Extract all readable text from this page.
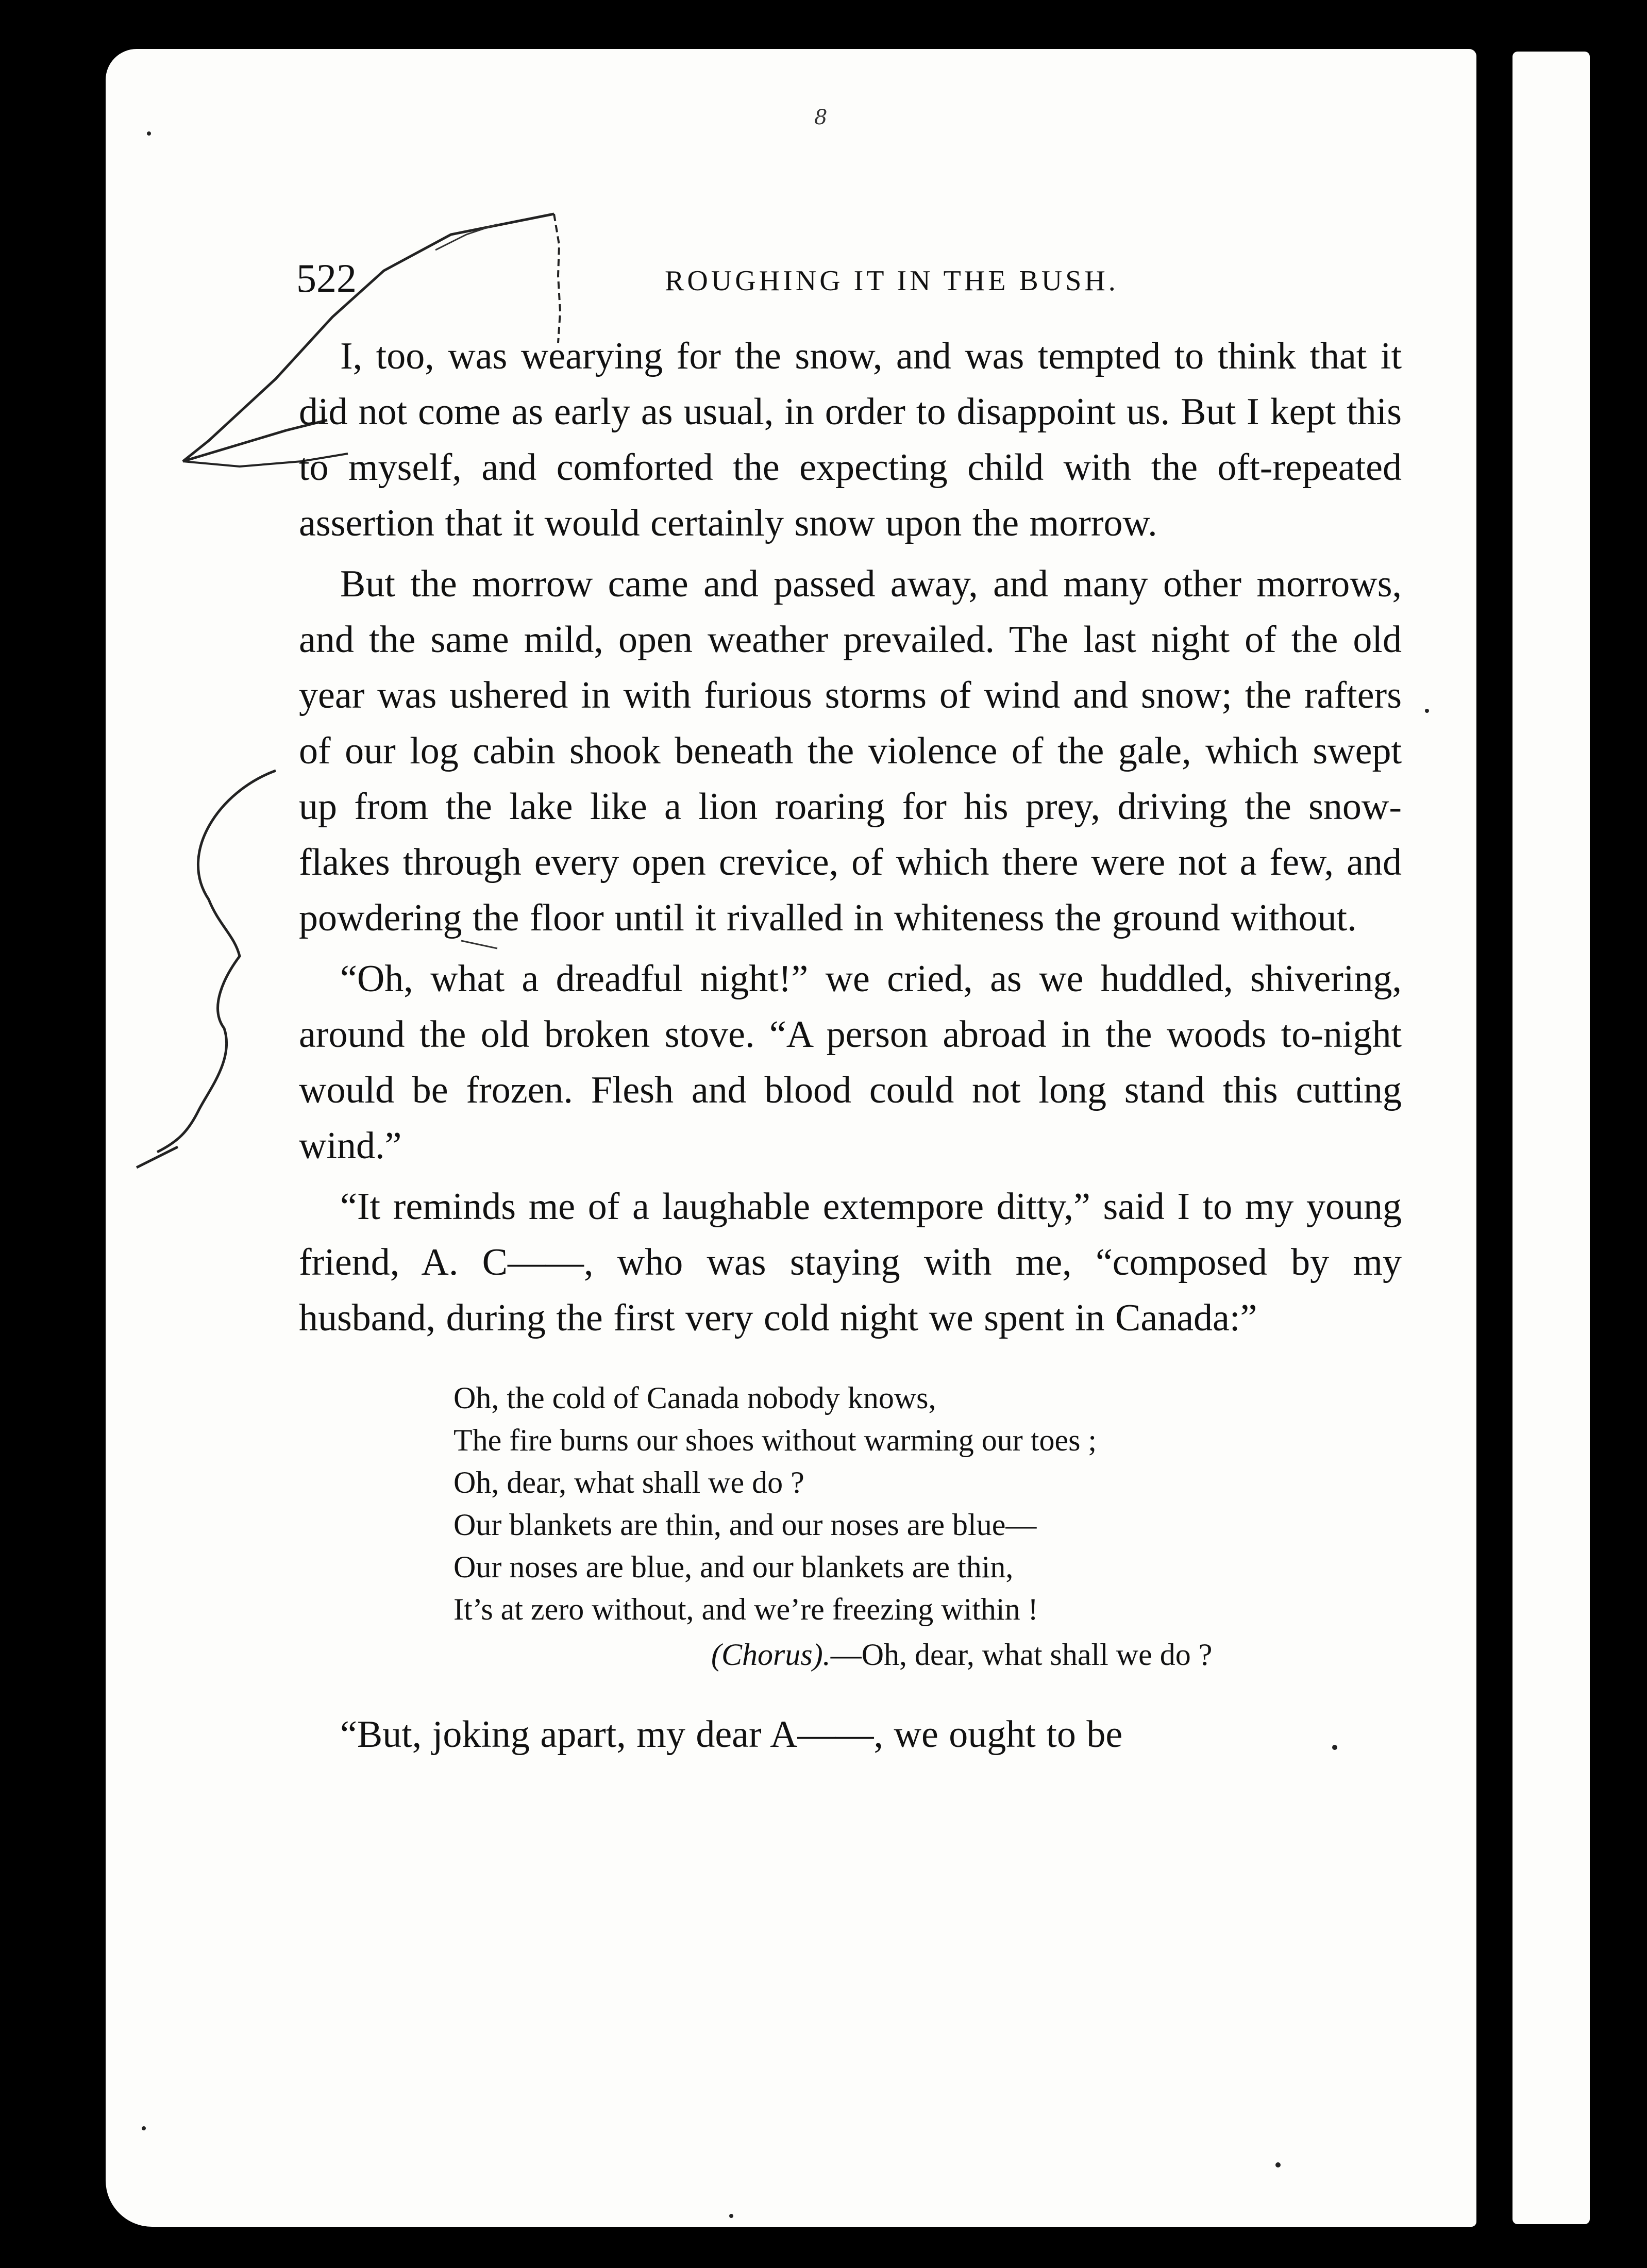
8
522	ROUGHING IT IN THE BUSH.

I, too, was wearying for the snow, and was tempted to think that it did not come as early as usual, in order to disappoint us. But I kept this to myself, and comforted the expecting child with the oft-repeated assertion that it would certainly snow upon the morrow.

But the morrow came and passed away, and many other morrows, and the same mild, open weather prevailed. The last night of the old year was ushered in with furious storms of wind and snow; the rafters of our log cabin shook beneath the violence of the gale, which swept up from the lake like a lion roaring for his prey, driving the snow-flakes through every open crevice, of which there were not a few, and powdering the floor until it rivalled in whiteness the ground without.

“Oh, what a dreadful night!” we cried, as we huddled, shivering, around the old broken stove. “A person abroad in the woods to-night would be frozen. Flesh and blood could not long stand this cutting wind.”

“It reminds me of a laughable extempore ditty,” said I to my young friend, A. C——, who was staying with me, “composed by my husband, during the first very cold night we spent in Canada:”

Oh, the cold of Canada nobody knows,
The fire burns our shoes without warming our toes ;
Oh, dear, what shall we do ?
Our blankets are thin, and our noses are blue—
Our noses are blue, and our blankets are thin,
It’s at zero without, and we’re freezing within !
(Chorus).—Oh, dear, what shall we do ?

“But, joking apart, my dear A——, we ought to be
